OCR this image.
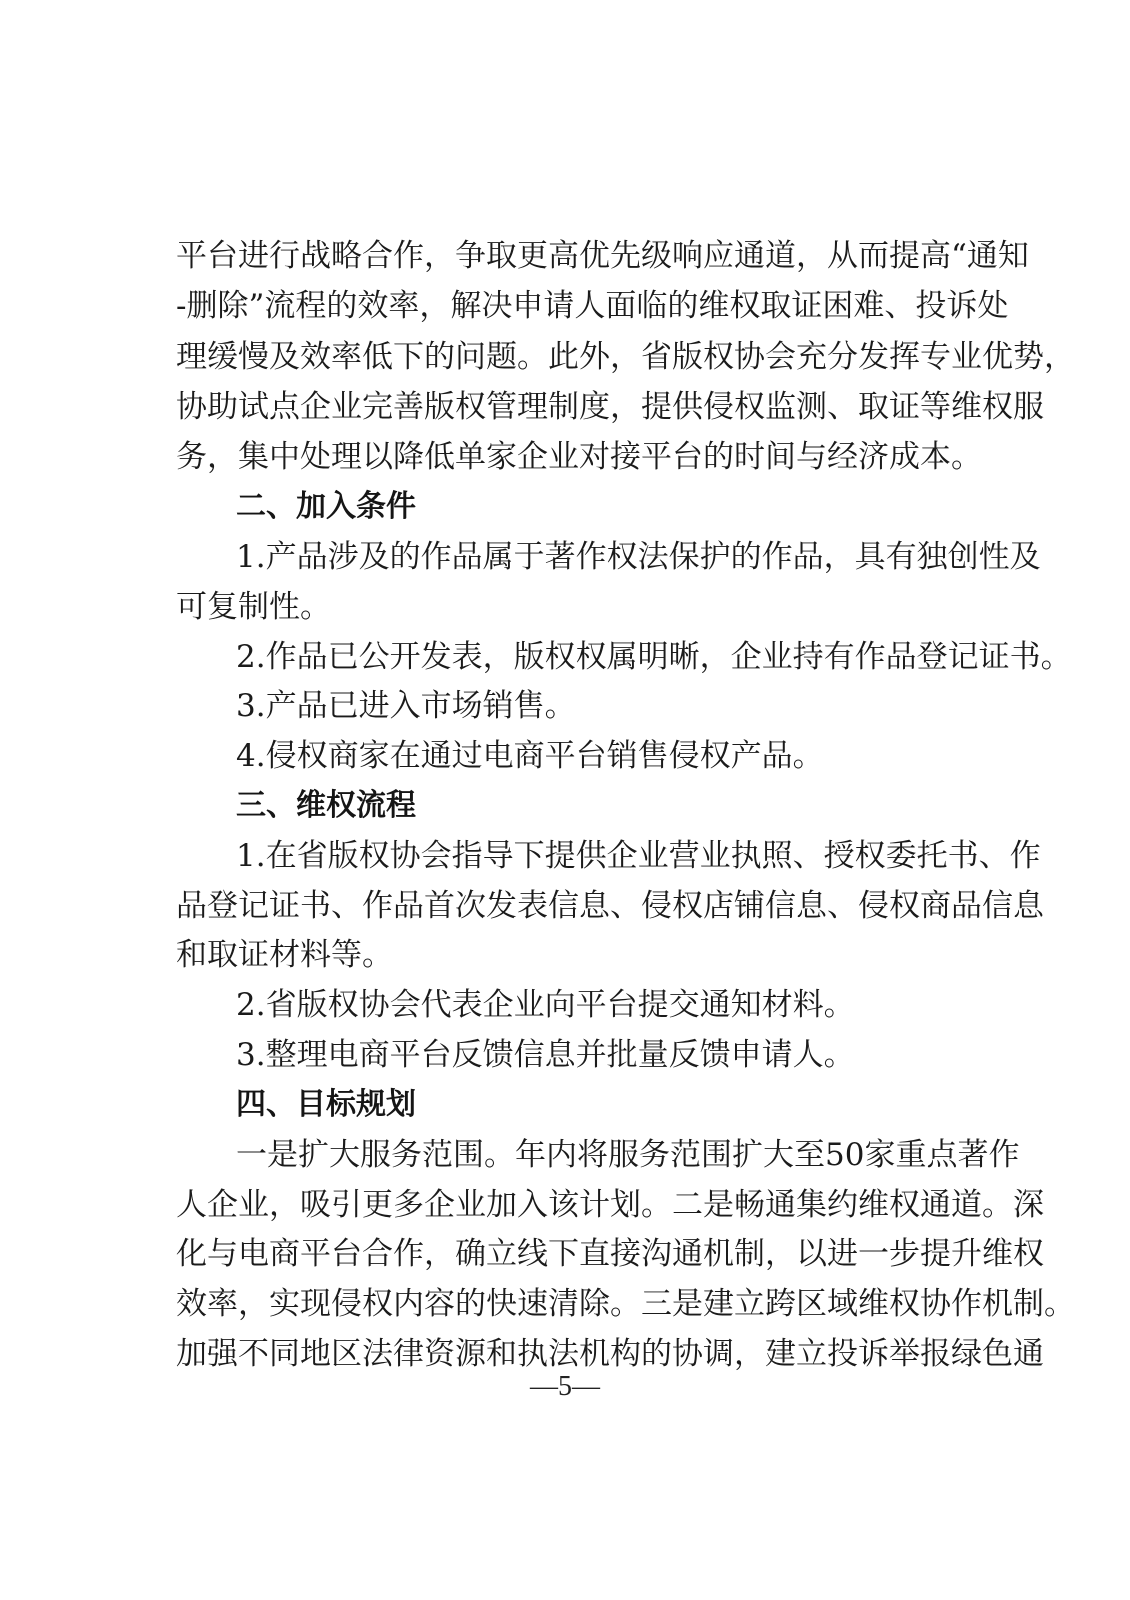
平台进行战略合作，争取更高优先级响应通道，从而提高“通知
-删除”流程的效率，解决申请人面临的维权取证困难、投诉处
理缓慢及效率低下的问题。此外，省版权协会充分发挥专业优势，
协助试点企业完善版权管理制度，提供侵权监测、取证等维权服
务，集中处理以降低单家企业对接平台的时间与经济成本。
二、加入条件
1.产品涉及的作品属于著作权法保护的作品，具有独创性及
可复制性。
2.作品已公开发表，版权权属明晰，企业持有作品登记证书。
3.产品已进入市场销售。
4.侵权商家在通过电商平台销售侵权产品。
三、维权流程
1.在省版权协会指导下提供企业营业执照、授权委托书、作
品登记证书、作品首次发表信息、侵权店铺信息、侵权商品信息
和取证材料等。
2.省版权协会代表企业向平台提交通知材料。
3.整理电商平台反馈信息并批量反馈申请人。
四、目标规划
一是扩大服务范围。年内将服务范围扩大至50家重点著作
人企业，吸引更多企业加入该计划。二是畅通集约维权通道。深
化与电商平台合作，确立线下直接沟通机制，以进一步提升维权
效率，实现侵权内容的快速清除。三是建立跨区域维权协作机制。
加强不同地区法律资源和执法机构的协调，建立投诉举报绿色通
—5—
